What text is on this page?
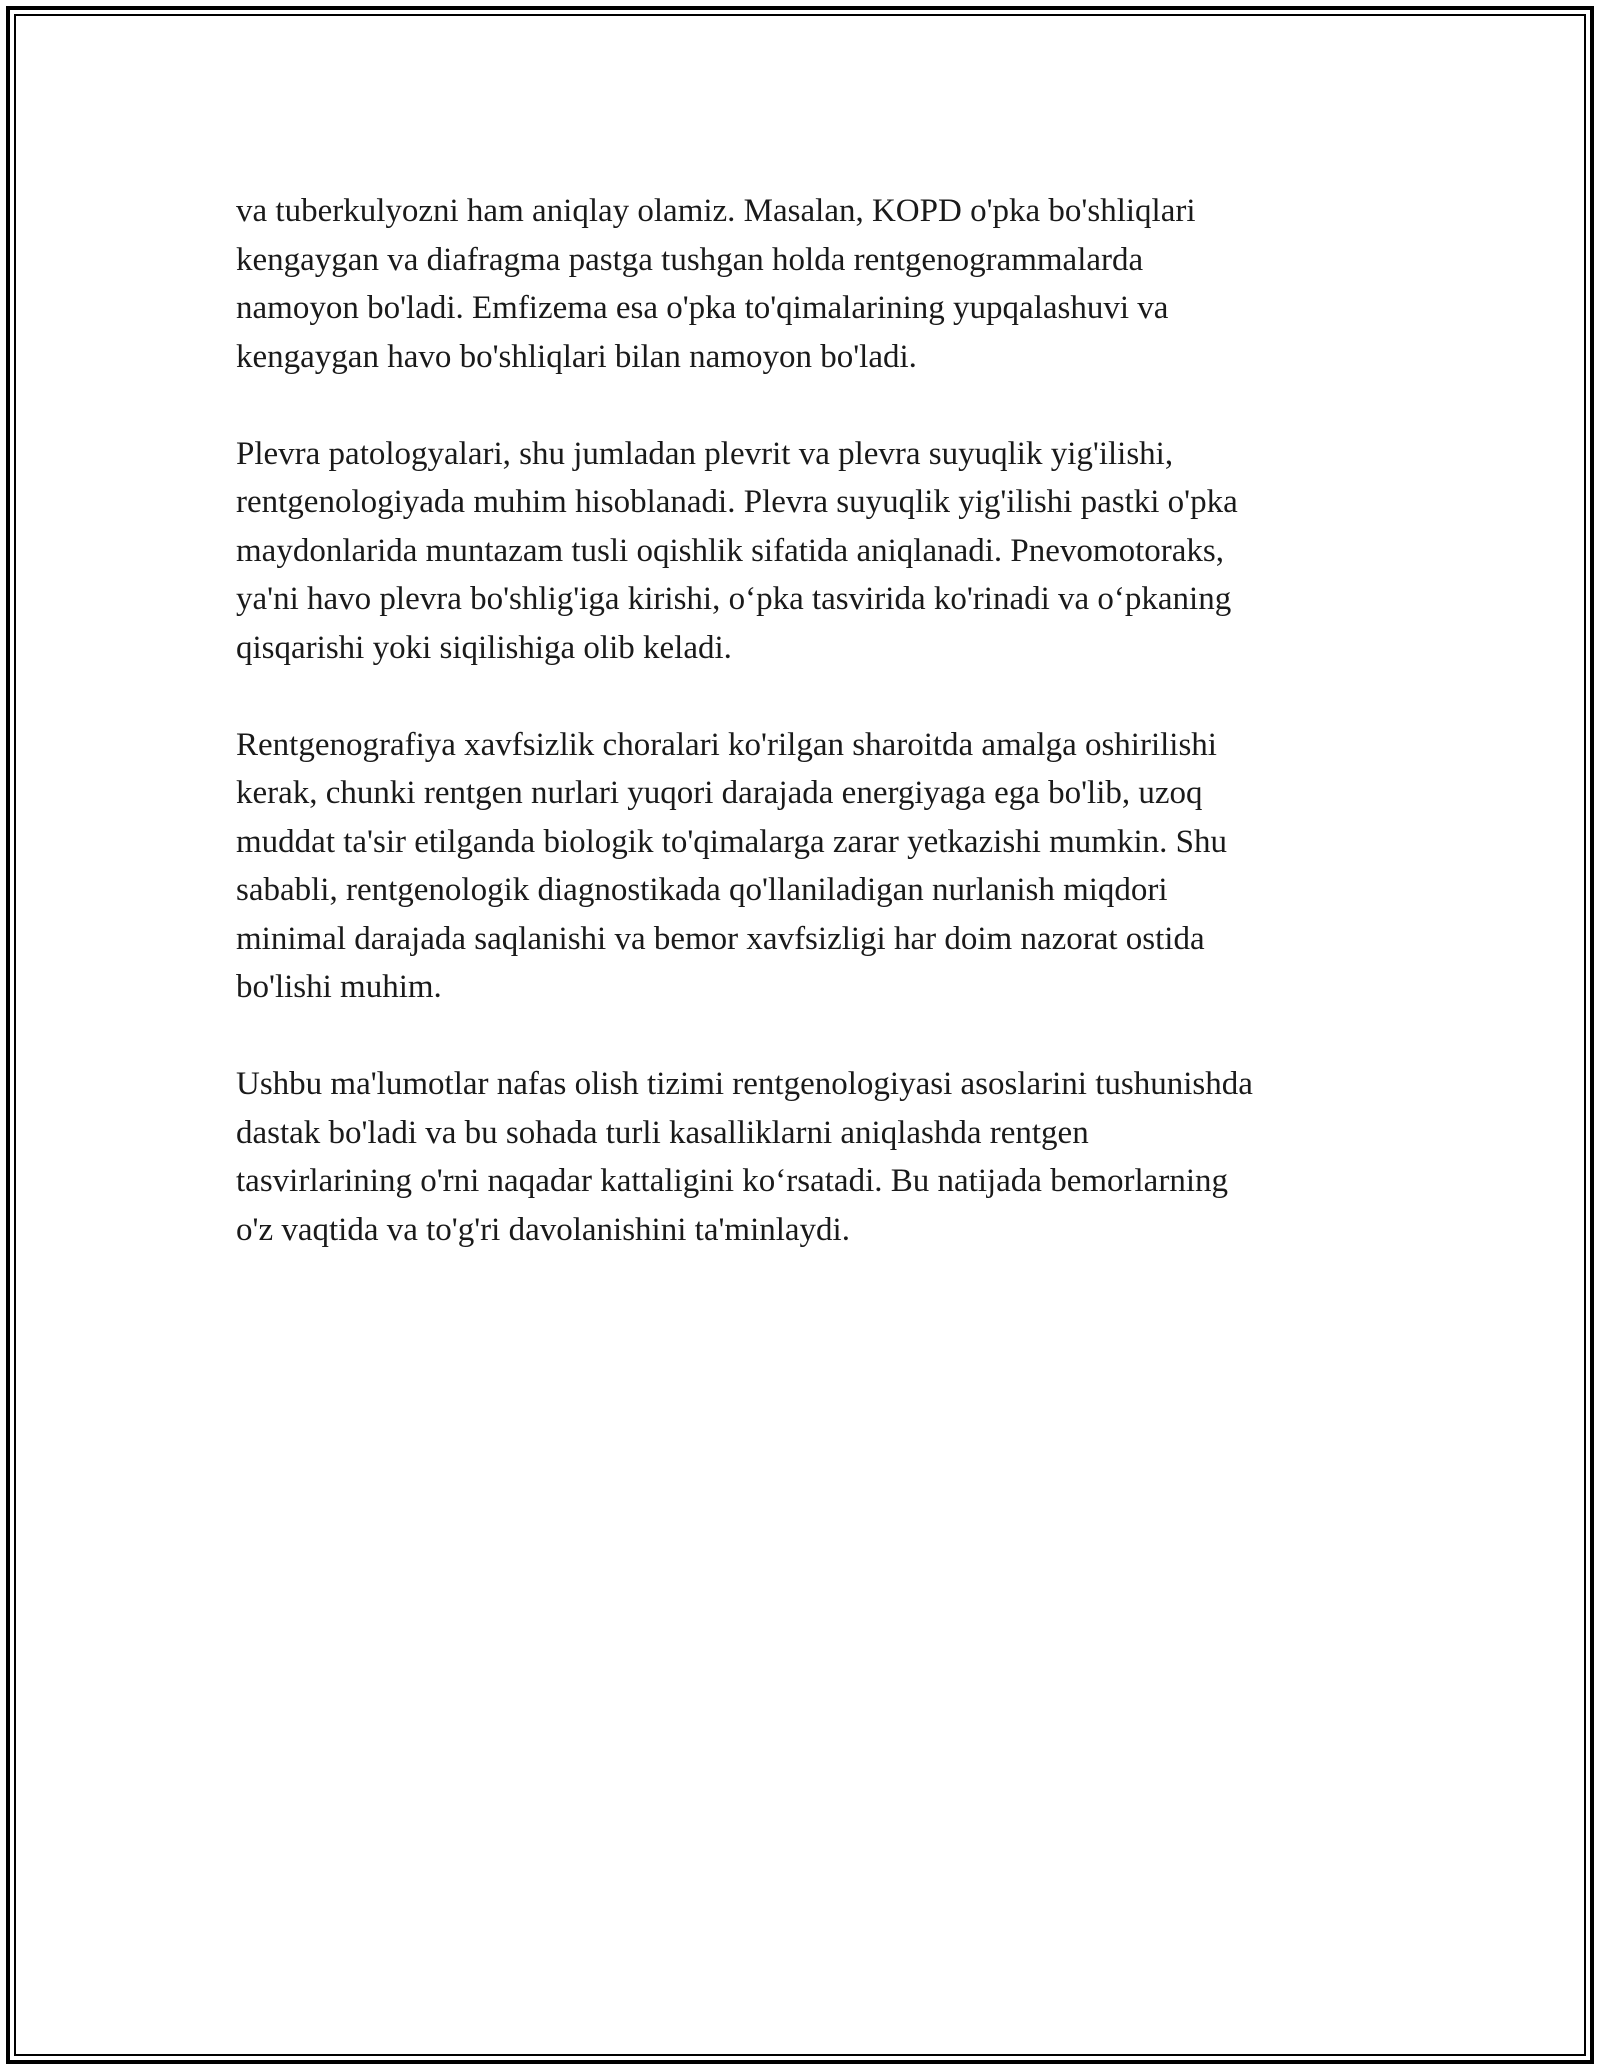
va tuberkulyozni ham aniqlay olamiz. Masalan, KOPD o'pka bo'shliqlari
kengaygan va diafragma pastga tushgan holda rentgenogrammalarda
namoyon bo'ladi. Emfizema esa o'pka to'qimalarining yupqalashuvi va
kengaygan havo bo'shliqlari bilan namoyon bo'ladi.

Plevra patologyalari, shu jumladan plevrit va plevra suyuqlik yig'ilishi,
rentgenologiyada muhim hisoblanadi. Plevra suyuqlik yig'ilishi pastki o'pka
maydonlarida muntazam tusli oqishlik sifatida aniqlanadi. Pnevomotoraks,
ya'ni havo plevra bo'shlig'iga kirishi, o‘pka tasvirida ko'rinadi va o‘pkaning
qisqarishi yoki siqilishiga olib keladi.

Rentgenografiya xavfsizlik choralari ko'rilgan sharoitda amalga oshirilishi
kerak, chunki rentgen nurlari yuqori darajada energiyaga ega bo'lib, uzoq
muddat ta'sir etilganda biologik to'qimalarga zarar yetkazishi mumkin. Shu
sababli, rentgenologik diagnostikada qo'llaniladigan nurlanish miqdori
minimal darajada saqlanishi va bemor xavfsizligi har doim nazorat ostida
bo'lishi muhim.

Ushbu ma'lumotlar nafas olish tizimi rentgenologiyasi asoslarini tushunishda
dastak bo'ladi va bu sohada turli kasalliklarni aniqlashda rentgen
tasvirlarining o'rni naqadar kattaligini ko‘rsatadi. Bu natijada bemorlarning
o'z vaqtida va to'g'ri davolanishini ta'minlaydi.
